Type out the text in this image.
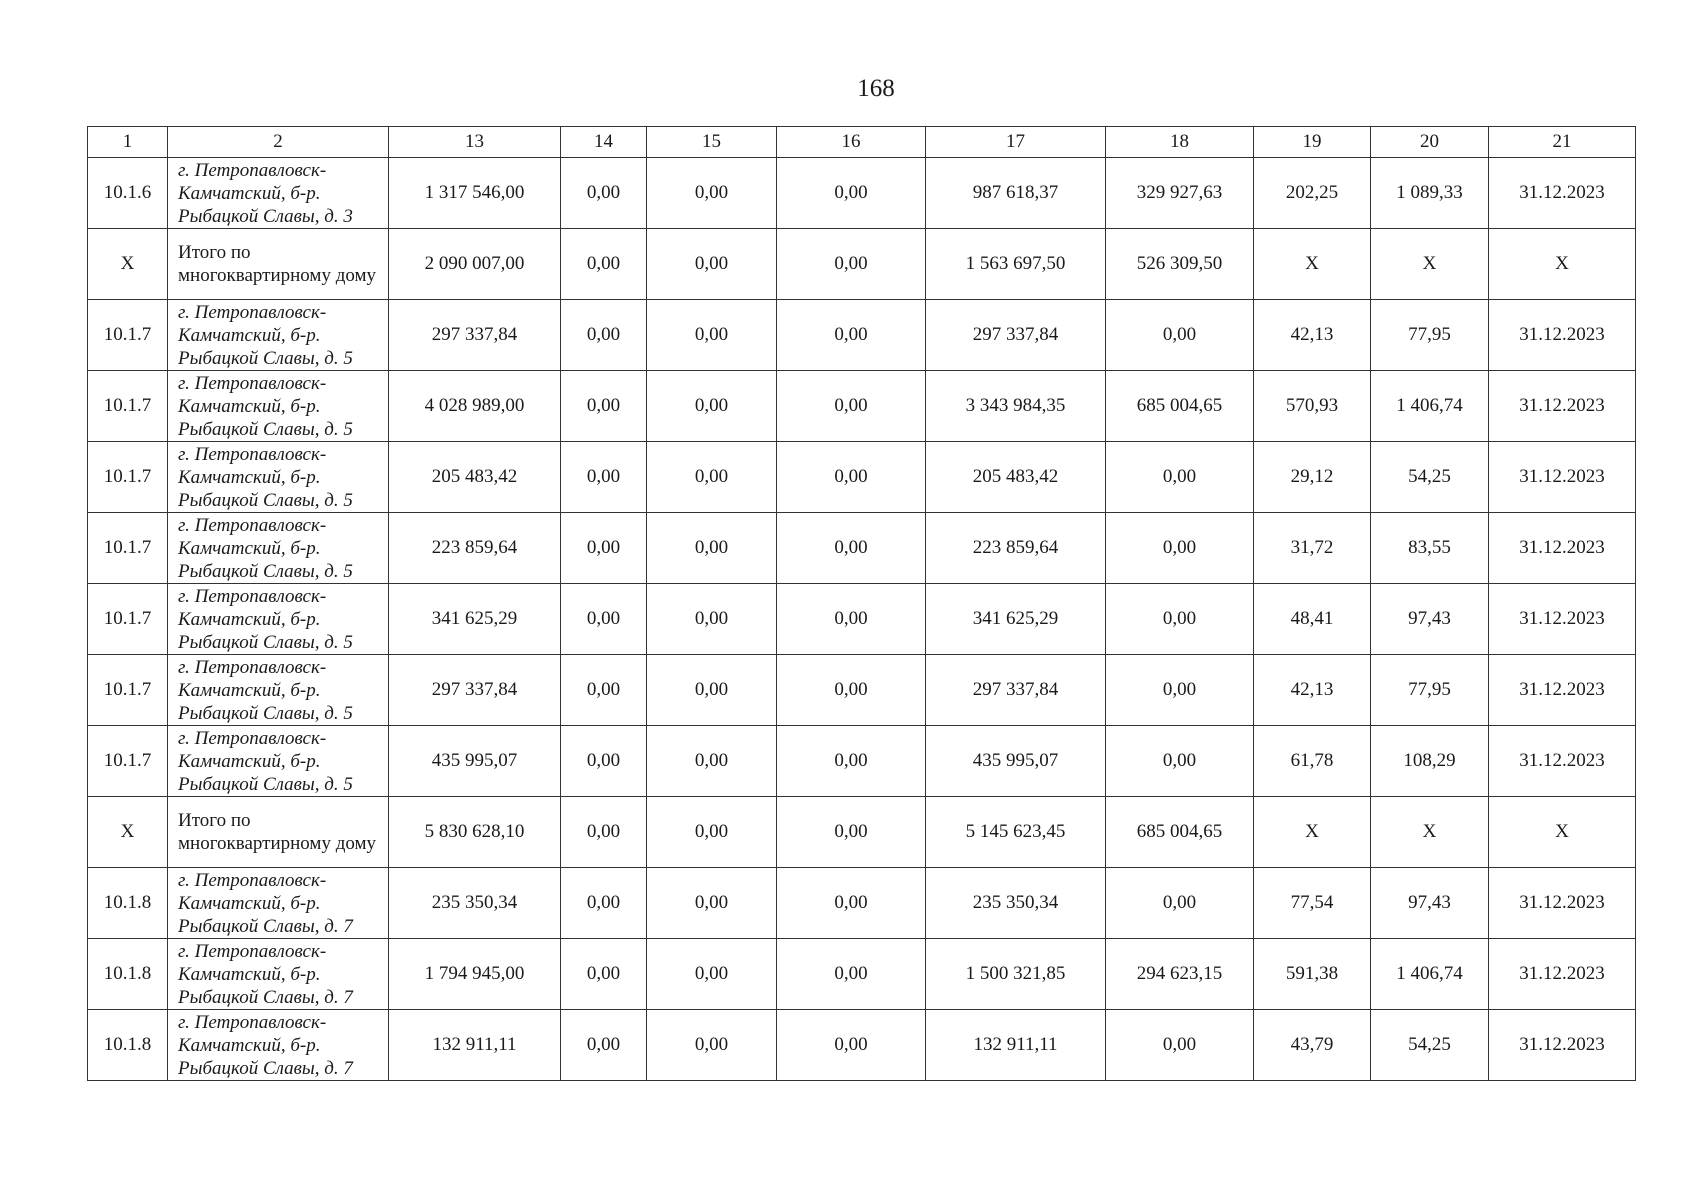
168
1	2	13	14	15	16	17	18	19	20	21
10.1.6	г. Петропавловск-Камчатский, б-р. Рыбацкой Славы, д. 3	1 317 546,00	0,00	0,00	0,00	987 618,37	329 927,63	202,25	1 089,33	31.12.2023
X	Итого по многоквартирному дому	2 090 007,00	0,00	0,00	0,00	1 563 697,50	526 309,50	X	X	X
10.1.7	г. Петропавловск-Камчатский, б-р. Рыбацкой Славы, д. 5	297 337,84	0,00	0,00	0,00	297 337,84	0,00	42,13	77,95	31.12.2023
10.1.7	г. Петропавловск-Камчатский, б-р. Рыбацкой Славы, д. 5	4 028 989,00	0,00	0,00	0,00	3 343 984,35	685 004,65	570,93	1 406,74	31.12.2023
10.1.7	г. Петропавловск-Камчатский, б-р. Рыбацкой Славы, д. 5	205 483,42	0,00	0,00	0,00	205 483,42	0,00	29,12	54,25	31.12.2023
10.1.7	г. Петропавловск-Камчатский, б-р. Рыбацкой Славы, д. 5	223 859,64	0,00	0,00	0,00	223 859,64	0,00	31,72	83,55	31.12.2023
10.1.7	г. Петропавловск-Камчатский, б-р. Рыбацкой Славы, д. 5	341 625,29	0,00	0,00	0,00	341 625,29	0,00	48,41	97,43	31.12.2023
10.1.7	г. Петропавловск-Камчатский, б-р. Рыбацкой Славы, д. 5	297 337,84	0,00	0,00	0,00	297 337,84	0,00	42,13	77,95	31.12.2023
10.1.7	г. Петропавловск-Камчатский, б-р. Рыбацкой Славы, д. 5	435 995,07	0,00	0,00	0,00	435 995,07	0,00	61,78	108,29	31.12.2023
X	Итого по многоквартирному дому	5 830 628,10	0,00	0,00	0,00	5 145 623,45	685 004,65	X	X	X
10.1.8	г. Петропавловск-Камчатский, б-р. Рыбацкой Славы, д. 7	235 350,34	0,00	0,00	0,00	235 350,34	0,00	77,54	97,43	31.12.2023
10.1.8	г. Петропавловск-Камчатский, б-р. Рыбацкой Славы, д. 7	1 794 945,00	0,00	0,00	0,00	1 500 321,85	294 623,15	591,38	1 406,74	31.12.2023
10.1.8	г. Петропавловск-Камчатский, б-р. Рыбацкой Славы, д. 7	132 911,11	0,00	0,00	0,00	132 911,11	0,00	43,79	54,25	31.12.2023
